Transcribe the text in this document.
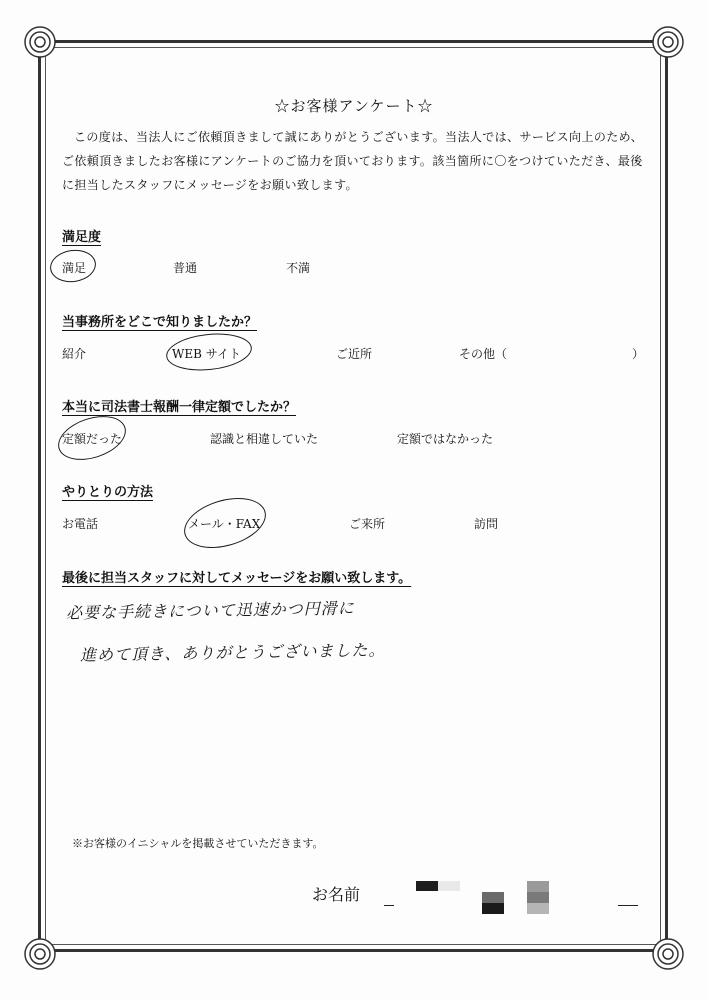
☆お客様アンケート☆
この度は、当法人にご依頼頂きまして誠にありがとうございます。当法人では、サービス向上のため、ご依頼頂きましたお客様にアンケートのご協力を頂いております。該当箇所に〇をつけていただき、最後に担当したスタッフにメッセージをお願い致します。
満足度
満足	普通	不満
当事務所をどこで知りましたか？
紹介	WEB サイト	ご近所	その他（	）
本当に司法書士報酬一律定額でしたか？
定額だった	認識と相違していた	定額ではなかった
やりとりの方法
お電話	メール・FAX	ご来所	訪問
最後に担当スタッフに対してメッセージをお願い致します。
必要な手続きについて迅速かつ円滑に
進めて頂き、ありがとうございました。
※お客様のイニシャルを掲載させていただきます。
お名前
